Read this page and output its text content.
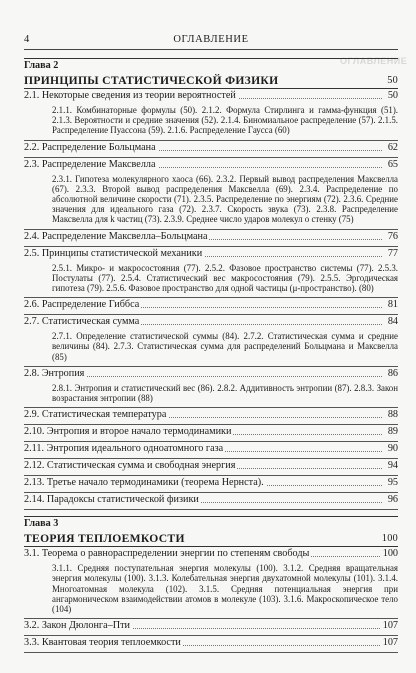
ОГЛАВЛЕНИЕ
4	ОГЛАВЛЕНИЕ
Глава 2
ПРИНЦИПЫ СТАТИСТИЧЕСКОЙ ФИЗИКИ	50
2.1. Некоторые сведения из теории вероятностей	50
2.1.1. Комбинаторные формулы (50). 2.1.2. Формула Стирлинга и гамма-функция (51). 2.1.3. Вероятности и средние значения (52). 2.1.4. Биномиальное распределение (57). 2.1.5. Распределение Пуассона (59). 2.1.6. Распределение Гаусса (60)
2.2. Распределение Больцмана	62
2.3. Распределение Максвелла	65
2.3.1. Гипотеза молекулярного хаоса (66). 2.3.2. Первый вывод распределения Максвелла (67). 2.3.3. Второй вывод распределения Максвелла (69). 2.3.4. Распределение по абсолютной величине скорости (71). 2.3.5. Распределение по энергиям (72). 2.3.6. Средние значения для идеального газа (72). 2.3.7. Скорость звука (73). 2.3.8. Распределение Максвелла для k частиц (73). 2.3.9. Среднее число ударов молекул о стенку (75)
2.4. Распределение Максвелла–Больцмана	76
2.5. Принципы статистической механики	77
2.5.1. Микро- и макросостояния (77). 2.5.2. Фазовое пространство системы (77). 2.5.3. Постулаты (77). 2.5.4. Статистический вес макросостояния (79). 2.5.5. Эргодическая гипотеза (79). 2.5.6. Фазовое пространство для одной частицы (μ-пространство). (80)
2.6. Распределение Гиббса	81
2.7. Статистическая сумма	84
2.7.1. Определение статистической суммы (84). 2.7.2. Статистическая сумма и средние величины (84). 2.7.3. Статистическая сумма для распределений Больцмана и Максвелла (85)
2.8. Энтропия	86
2.8.1. Энтропия и статистический вес (86). 2.8.2. Аддитивность энтропии (87). 2.8.3. Закон возрастания энтропии (88)
2.9. Статистическая температура	88
2.10. Энтропия и второе начало термодинамики	89
2.11. Энтропия идеального одноатомного газа	90
2.12. Статистическая сумма и свободная энергия	94
2.13. Третье начало термодинамики (теорема Нернста).	95
2.14. Парадоксы статистической физики	96
Глава 3
ТЕОРИЯ ТЕПЛОЕМКОСТИ	100
3.1. Теорема о равнораспределении энергии по степеням свободы	100
3.1.1. Средняя поступательная энергия молекулы (100). 3.1.2. Средняя вращательная энергия молекулы (100). 3.1.3. Колебательная энергия двухатомной молекулы (101). 3.1.4. Многоатомная молекула (102). 3.1.5. Средняя потенциальная энергия при ангармоническом взаимодействии атомов в молекуле (103). 3.1.6. Макроскопическое тело (104)
3.2. Закон Дюлонга–Пти	107
3.3. Квантовая теория теплоемкости	107
